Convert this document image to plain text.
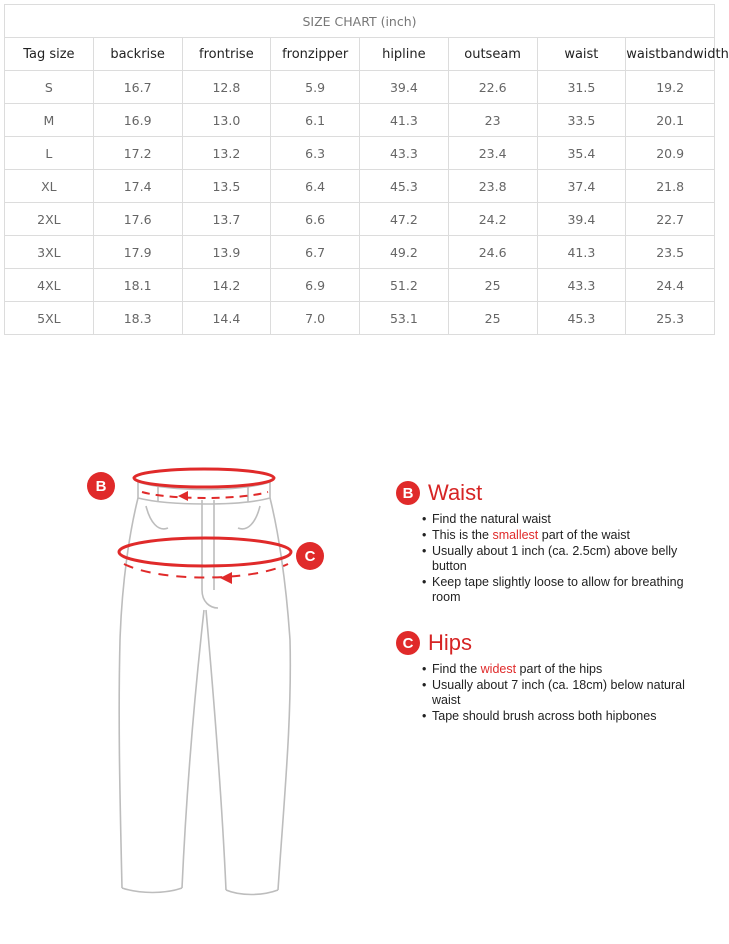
SIZE CHART (inch)							
Tag size	backrise	frontrise	fronzipper	hipline	outseam	waist	waistbandwidth
S	16.7	12.8	5.9	39.4	22.6	31.5	19.2
M	16.9	13.0	6.1	41.3	23	33.5	20.1
L	17.2	13.2	6.3	43.3	23.4	35.4	20.9
XL	17.4	13.5	6.4	45.3	23.8	37.4	21.8
2XL	17.6	13.7	6.6	47.2	24.2	39.4	22.7
3XL	17.9	13.9	6.7	49.2	24.6	41.3	23.5
4XL	18.1	14.2	6.9	51.2	25	43.3	24.4
5XL	18.3	14.4	7.0	53.1	25	45.3	25.3
B
C
B Waist
• Find the natural waist
• This is the smallest part of the waist
• Usually about 1 inch (ca. 2.5cm) above belly button
• Keep tape slightly loose to allow for breathing room
C Hips
• Find the widest part of the hips
• Usually about 7 inch (ca. 18cm) below natural waist
• Tape should brush across both hipbones
